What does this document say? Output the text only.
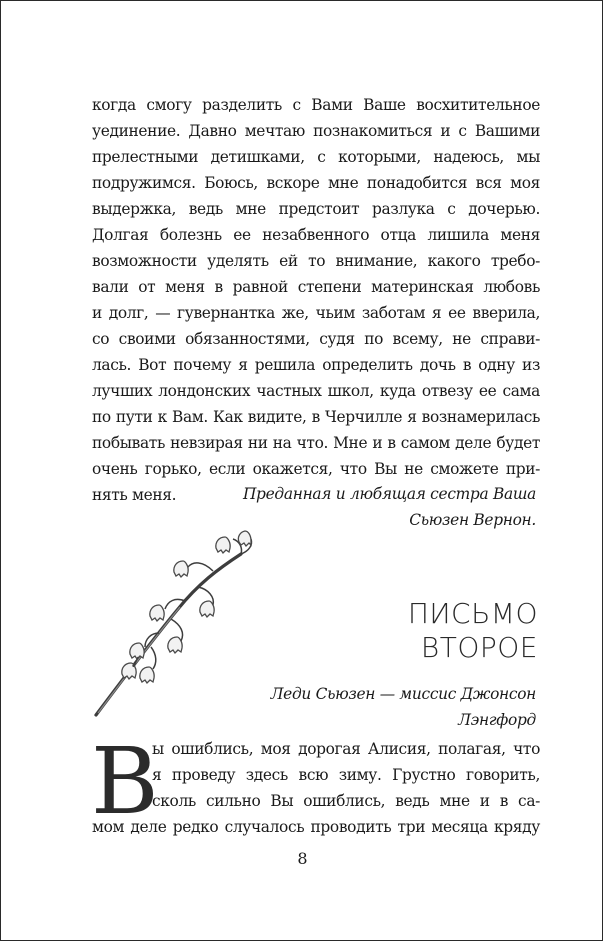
когда смогу разделить с Вами Ваше восхитительное
уединение. Давно мечтаю познакомиться и с Вашими
прелестными детишками, с которыми, надеюсь, мы
подружимся. Боюсь, вскоре мне понадобится вся моя
выдержка, ведь мне предстоит разлука с дочерью.
Долгая болезнь ее незабвенного отца лишила меня
возможности уделять ей то внимание, какого требо-
вали от меня в равной степени материнская любовь
и долг, — гувернантка же, чьим заботам я ее вверила,
со своими обязанностями, судя по всему, не справи-
лась. Вот почему я решила определить дочь в одну из
лучших лондонских частных школ, куда отвезу ее сама
по пути к Вам. Как видите, в Черчилле я вознамерилась
побывать невзирая ни на что. Мне и в самом деле будет
очень горько, если окажется, что Вы не сможете при-
нять меня.	Преданная и любящая сестра Ваша
Сьюзен Вернон.
ПИСЬМО
ВТОРОЕ
Леди Сьюзен — миссис Джонсон
Лэнгфорд
В
ы ошиблись, моя дорогая Алисия, полагая, что
я проведу здесь всю зиму. Грустно говорить,
сколь сильно Вы ошиблись, ведь мне и в са-
мом деле редко случалось проводить три месяца кряду
8
